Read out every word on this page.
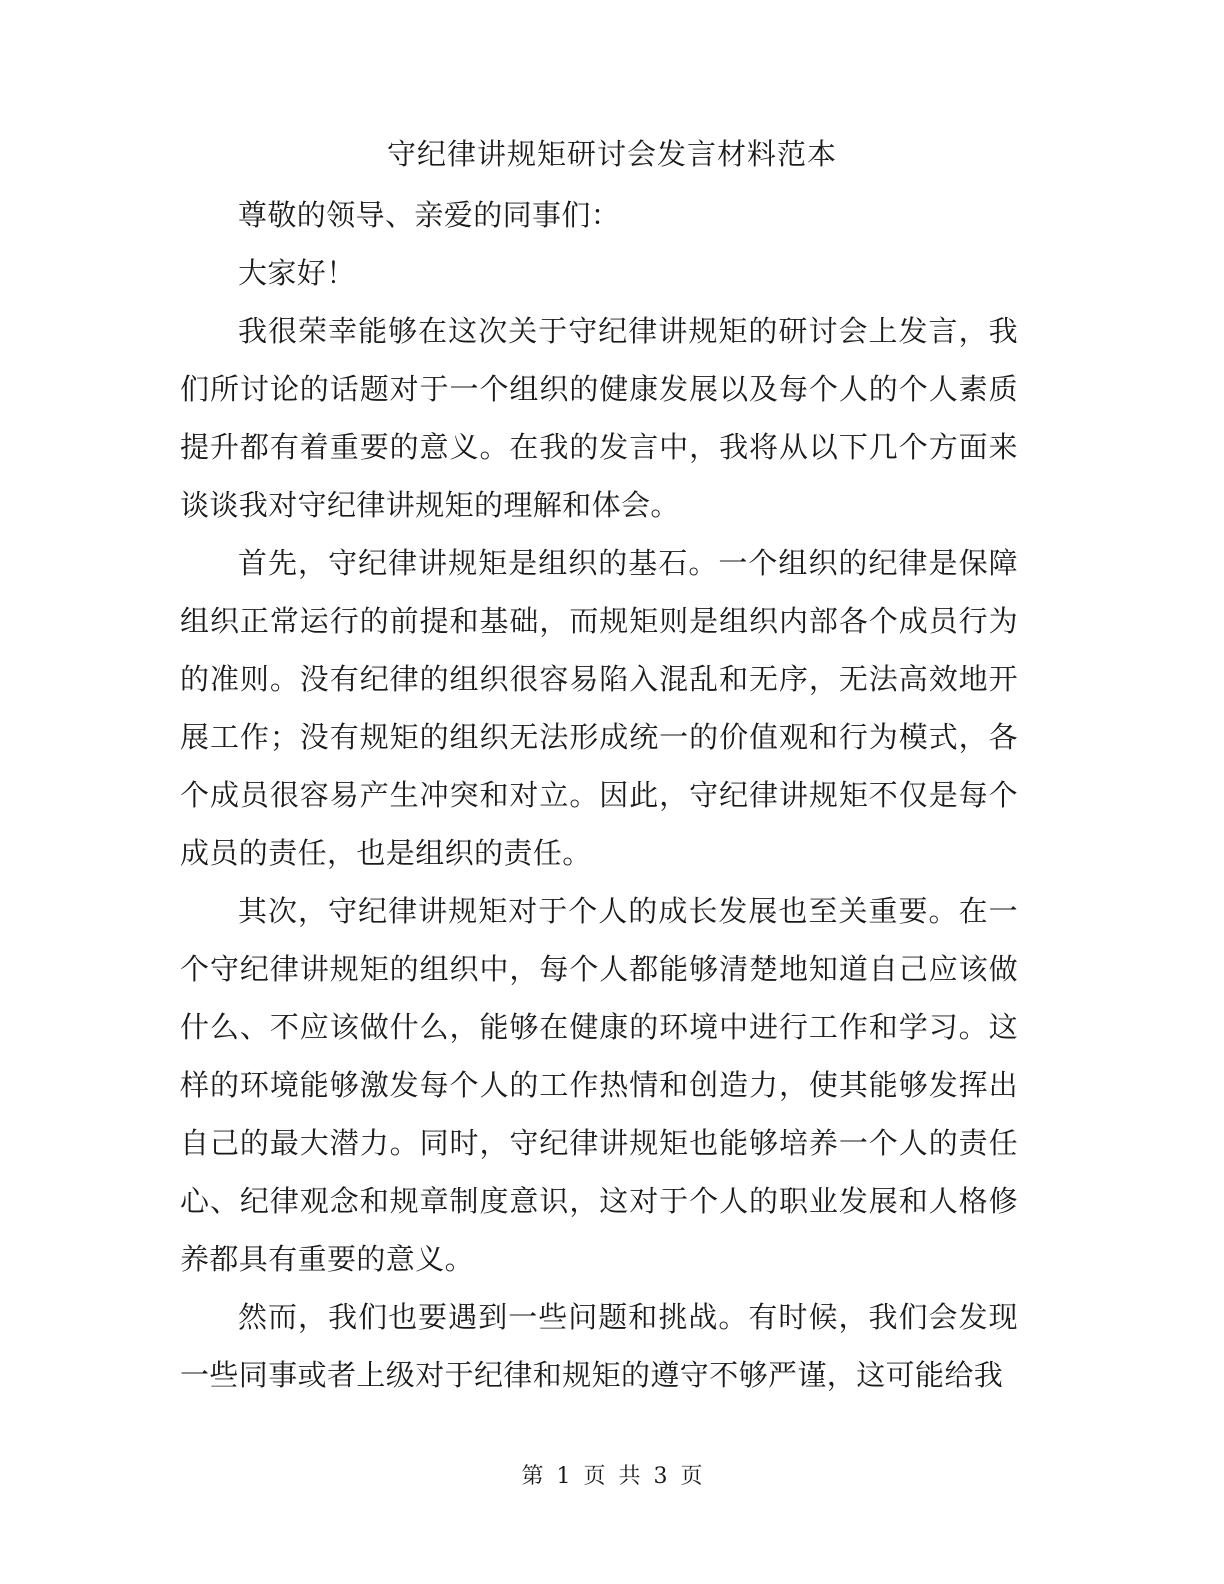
守纪律讲规矩研讨会发言材料范本

尊敬的领导、亲爱的同事们：

大家好！

我很荣幸能够在这次关于守纪律讲规矩的研讨会上发言，我们所讨论的话题对于一个组织的健康发展以及每个人的个人素质提升都有着重要的意义。在我的发言中，我将从以下几个方面来谈谈我对守纪律讲规矩的理解和体会。

首先，守纪律讲规矩是组织的基石。一个组织的纪律是保障组织正常运行的前提和基础，而规矩则是组织内部各个成员行为的准则。没有纪律的组织很容易陷入混乱和无序，无法高效地开展工作；没有规矩的组织无法形成统一的价值观和行为模式，各个成员很容易产生冲突和对立。因此，守纪律讲规矩不仅是每个成员的责任，也是组织的责任。

其次，守纪律讲规矩对于个人的成长发展也至关重要。在一个守纪律讲规矩的组织中，每个人都能够清楚地知道自己应该做什么、不应该做什么，能够在健康的环境中进行工作和学习。这样的环境能够激发每个人的工作热情和创造力，使其能够发挥出自己的最大潜力。同时，守纪律讲规矩也能够培养一个人的责任心、纪律观念和规章制度意识，这对于个人的职业发展和人格修养都具有重要的意义。

然而，我们也要遇到一些问题和挑战。有时候，我们会发现一些同事或者上级对于纪律和规矩的遵守不够严谨，这可能给我

第 1 页 共 3 页
